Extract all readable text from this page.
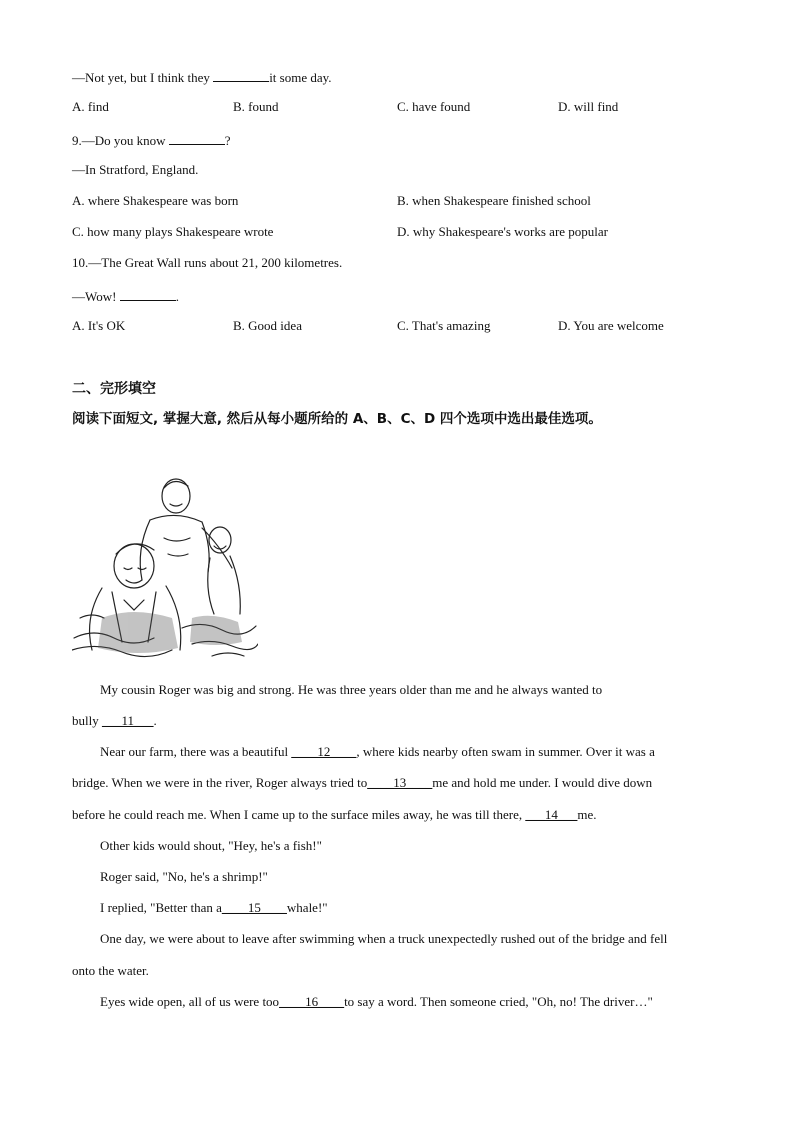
—Not yet, but I think they	it some day.
A. find	B. found	C. have found	D. will find
9.—Do you know	?
—In Stratford, England.
A. where Shakespeare was born	B. when Shakespeare finished school
C. how many plays Shakespeare wrote	D. why Shakespeare's works are popular
10.—The Great Wall runs about 21, 200 kilometres.
—Wow!	.
A. It's OK	B. Good idea	C. That's amazing	D. You are welcome
二、完形填空
阅读下面短文, 掌握大意, 然后从每小题所给的 A、B、C、D 四个选项中选出最佳选项。
My cousin Roger was big and strong. He was three years older than me and he always wanted to
bully ___11___.
Near our farm, there was a beautiful ____12____, where kids nearby often swam in summer. Over it was a
bridge. When we were in the river, Roger always tried to____13____me and hold me under. I would dive down
before he could reach me. When I came up to the surface miles away, he was till there, ___14___me.
Other kids would shout, "Hey, he's a fish!"
Roger said, "No, he's a shrimp!"
I replied, "Better than a____15____whale!"
One day, we were about to leave after swimming when a truck unexpectedly rushed out of the bridge and fell
onto the water.
Eyes wide open, all of us were too____16____to say a word. Then someone cried, "Oh, no! The driver…"
